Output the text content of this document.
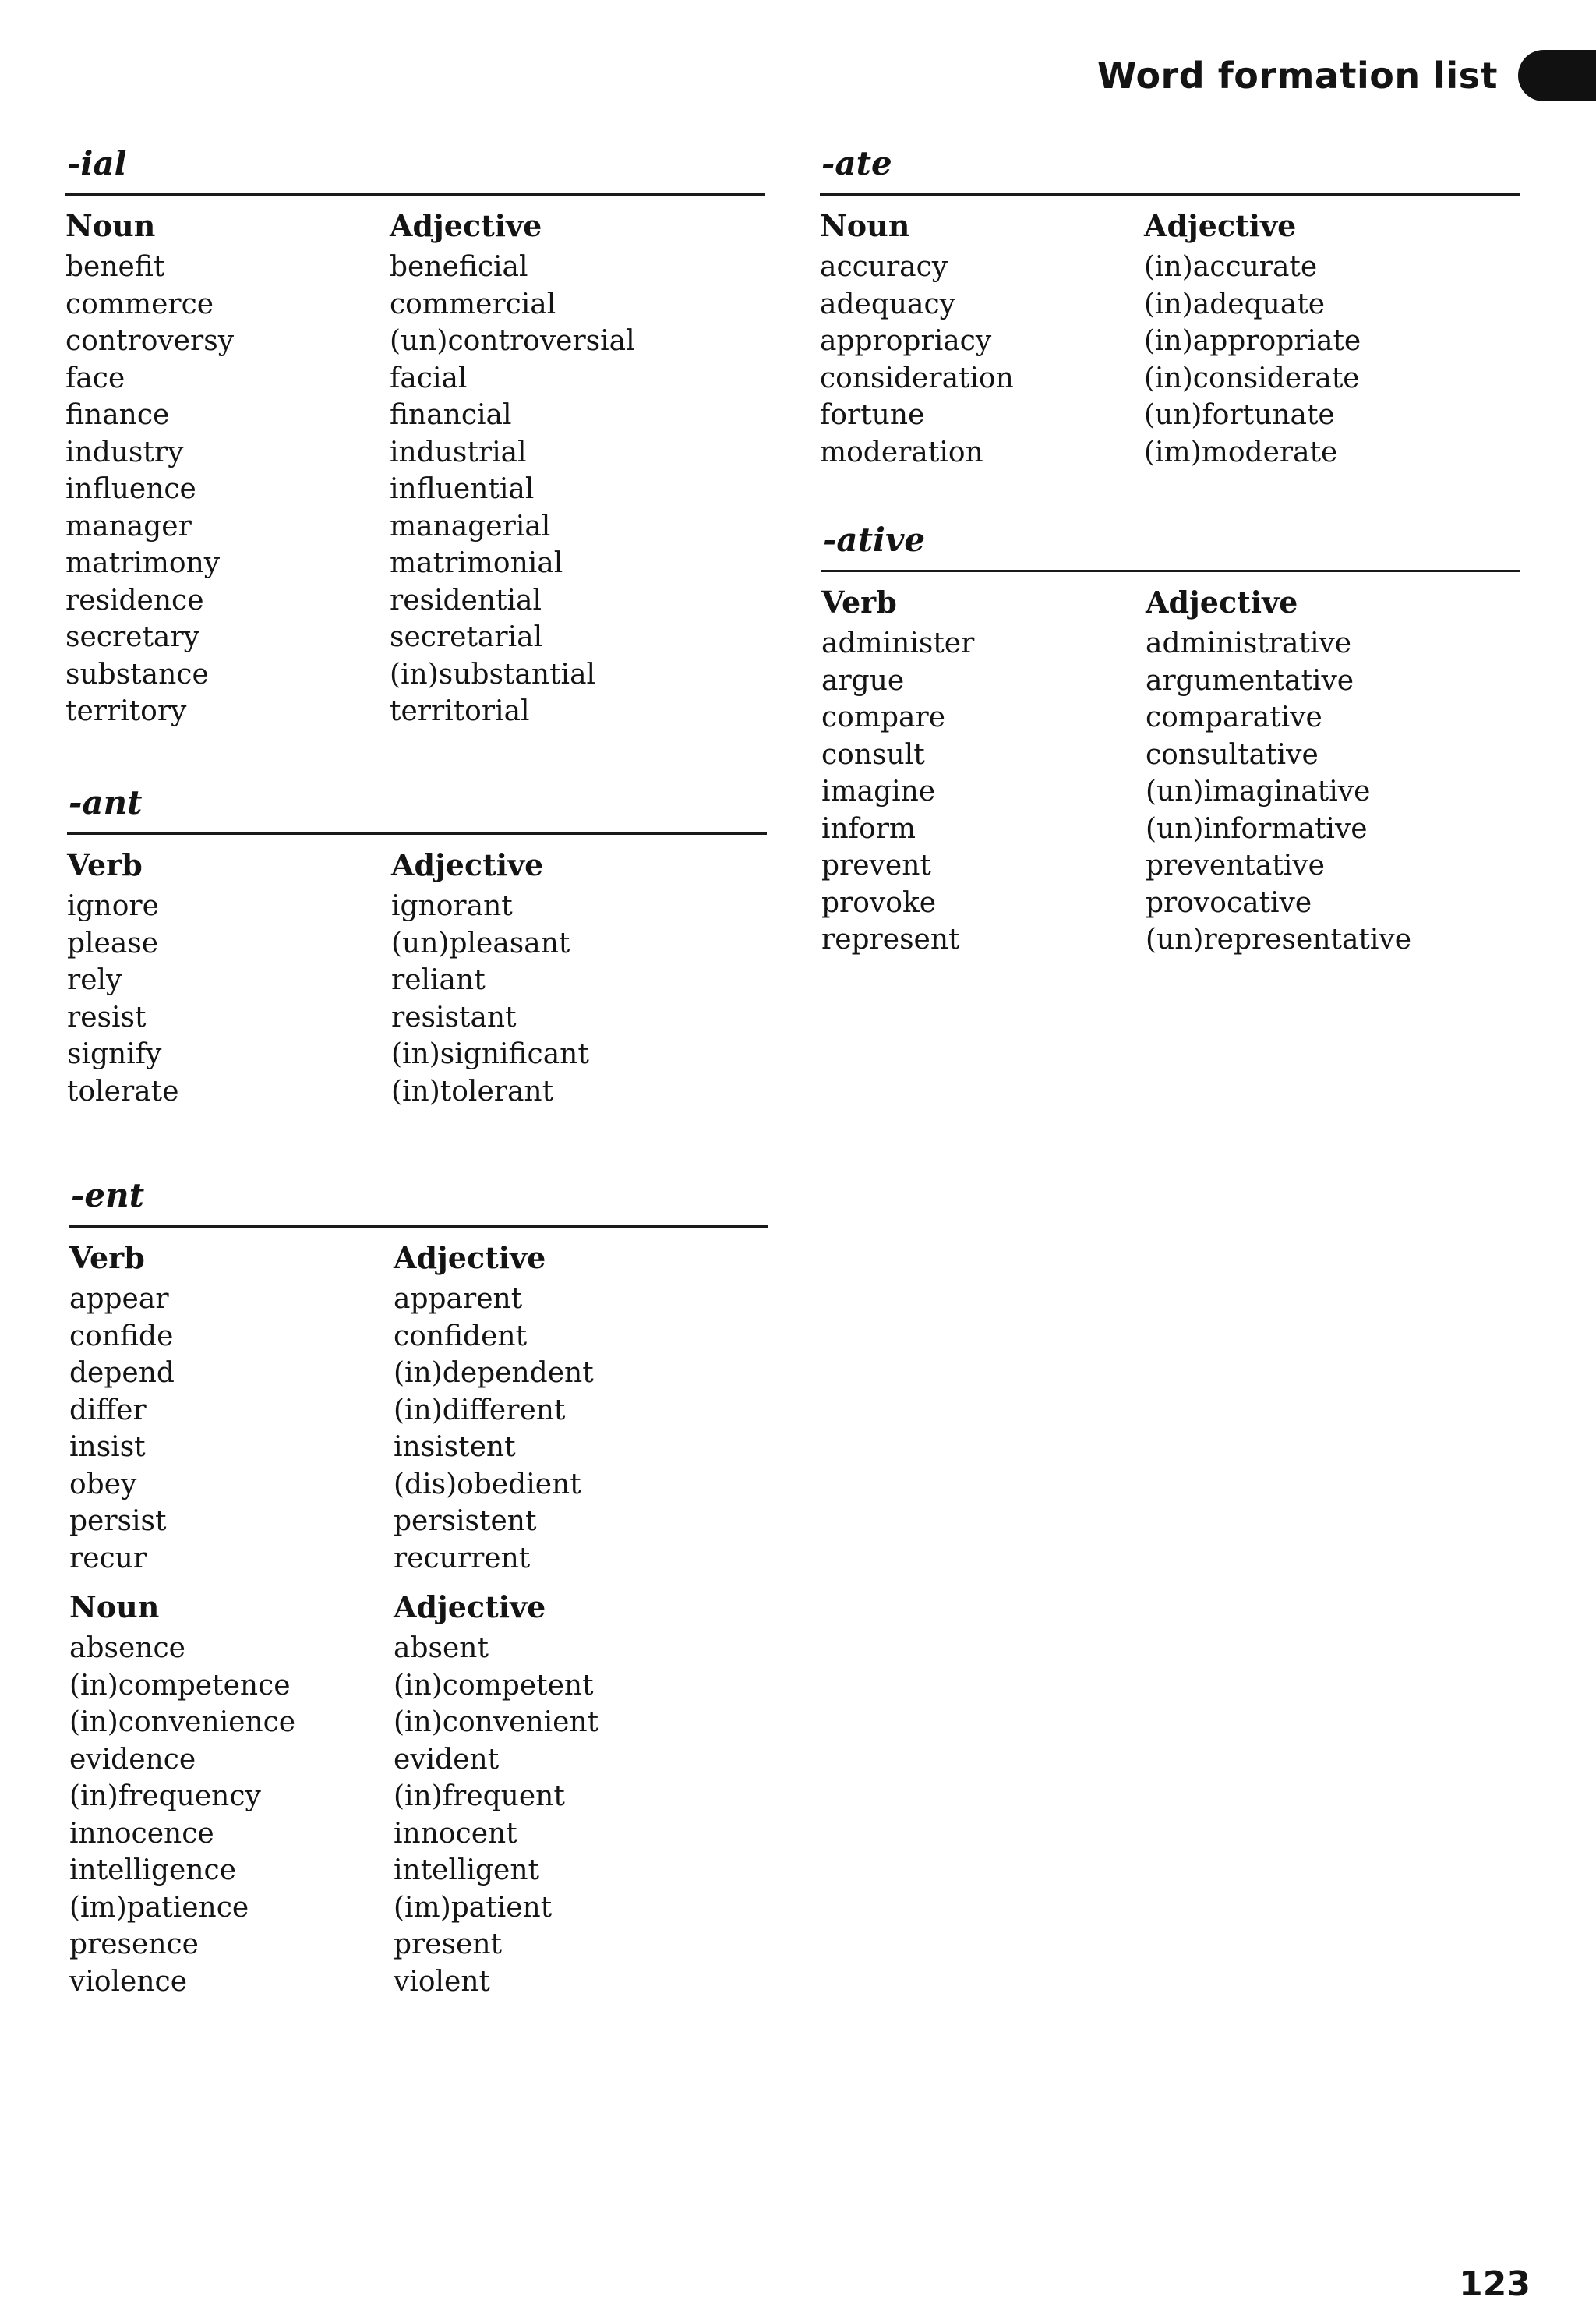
Word formation list
-ial
Noun
benefit
commerce
controversy
face
finance
industry
influence
manager
matrimony
residence
secretary
substance
territory
Adjective
beneficial
commercial
(un)controversial
facial
financial
industrial
influential
managerial
matrimonial
residential
secretarial
(in)substantial
territorial
-ant
Verb
ignore
please
rely
resist
signify
tolerate
Adjective
ignorant
(un)pleasant
reliant
resistant
(in)significant
(in)tolerant
-ent
Verb
appear
confide
depend
differ
insist
obey
persist
recur
Adjective
apparent
confident
(in)dependent
(in)different
insistent
(dis)obedient
persistent
recurrent
Noun
absence
(in)competence
(in)convenience
evidence
(in)frequency
innocence
intelligence
(im)patience
presence
violence
Adjective
absent
(in)competent
(in)convenient
evident
(in)frequent
innocent
intelligent
(im)patient
present
violent
-ate
Noun
accuracy
adequacy
appropriacy
consideration
fortune
moderation
Adjective
(in)accurate
(in)adequate
(in)appropriate
(in)considerate
(un)fortunate
(im)moderate
-ative
Verb
administer
argue
compare
consult
imagine
inform
prevent
provoke
represent
Adjective
administrative
argumentative
comparative
consultative
(un)imaginative
(un)informative
preventative
provocative
(un)representative
123
